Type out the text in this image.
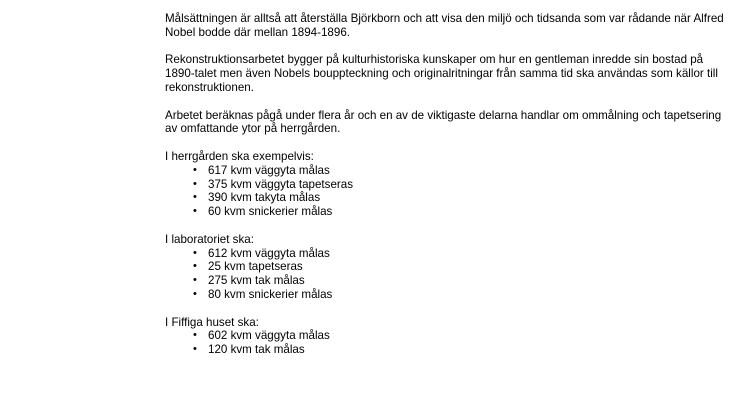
Målsättningen är alltså att återställa Björkborn och att visa den miljö och tidsanda som var rådande när Alfred Nobel bodde där mellan 1894-1896.

Rekonstruktionsarbetet bygger på kulturhistoriska kunskaper om hur en gentleman inredde sin bostad på 1890-talet men även Nobels bouppteckning och originalritningar från samma tid ska användas som källor till rekonstruktionen.

Arbetet beräknas pågå under flera år och en av de viktigaste delarna handlar om ommålning och tapetsering av omfattande ytor på herrgården.

I herrgården ska exempelvis:
• 617 kvm väggyta målas
• 375 kvm väggyta tapetseras
• 390 kvm takyta målas
• 60 kvm snickerier målas
I laboratoriet ska:
• 612 kvm väggyta målas
• 25 kvm tapetseras
• 275 kvm tak målas
• 80 kvm snickerier målas
I Fiffiga huset ska:
• 602 kvm väggyta målas
• 120 kvm tak målas
